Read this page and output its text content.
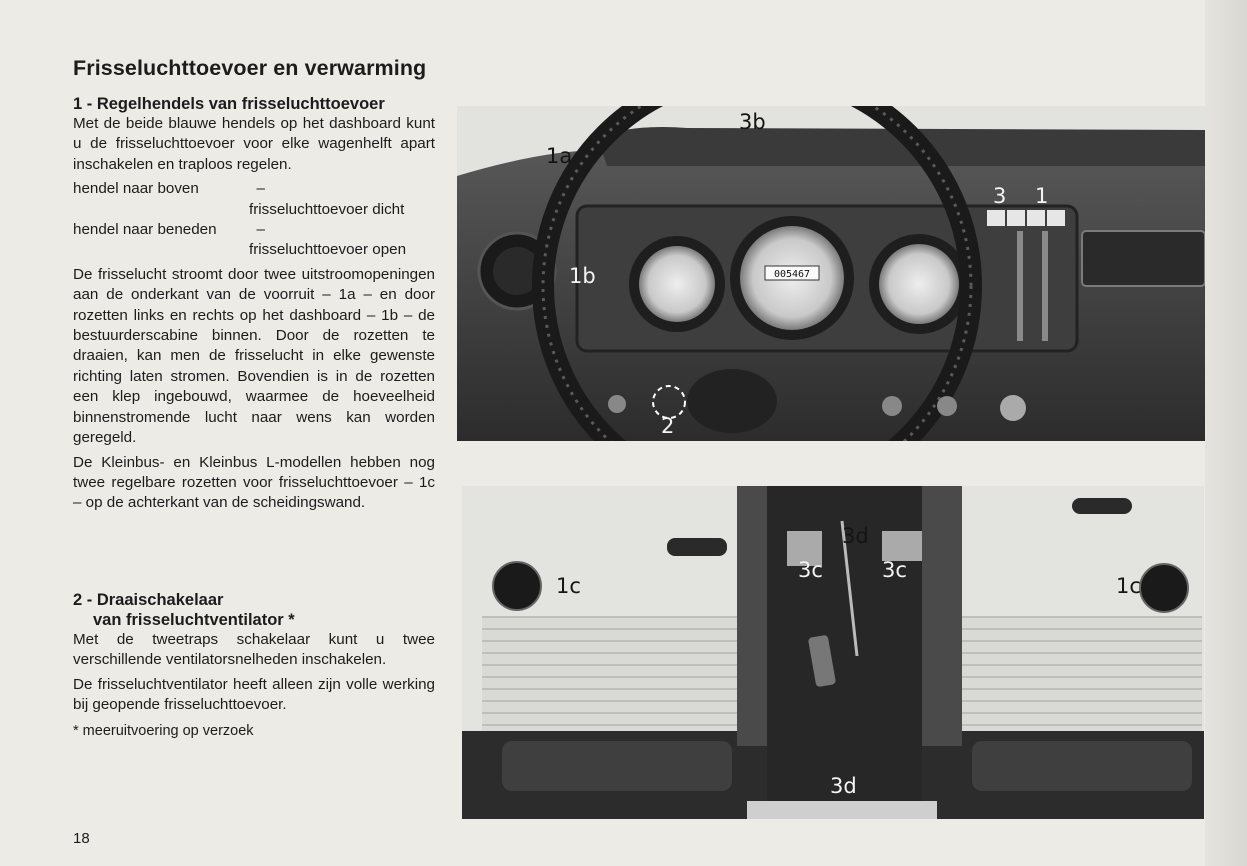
Frisseluchttoevoer en verwarming
1 - Regelhendels van frisseluchttoevoer

Met de beide blauwe hendels op het dashboard kunt u de frisseluchttoevoer voor elke wagenhelft apart inschakelen en traploos regelen.

hendel naar boven	–
frisseluchttoevoer dicht
hendel naar beneden	–
frisseluchttoevoer open

De frisselucht stroomt door twee uitstroomopeningen aan de onderkant van de voorruit – 1a – en door rozetten links en rechts op het dashboard – 1b – de bestuurderscabine binnen. Door de rozetten te draaien, kan men de frisselucht in elke gewenste richting laten stromen. Bovendien is in de rozetten een klep ingebouwd, waarmee de hoeveelheid binnenstromende lucht naar wens kan worden geregeld.

De Kleinbus- en Kleinbus L-modellen hebben nog twee regelbare rozetten voor frisseluchttoevoer – 1c – op de achterkant van de scheidingswand.

2 - Draaischakelaar
van frisseluchtventilator *

Met de tweetraps schakelaar kunt u twee verschillende ventilatorsnelheden inschakelen.

De frisseluchtventilator heeft alleen zijn volle werking bij geopende frisseluchttoevoer.

* meeruitvoering op verzoek
18
005467
3b
1a
3 1
1b
2
3d
3c	3c
1c	1c
3d
